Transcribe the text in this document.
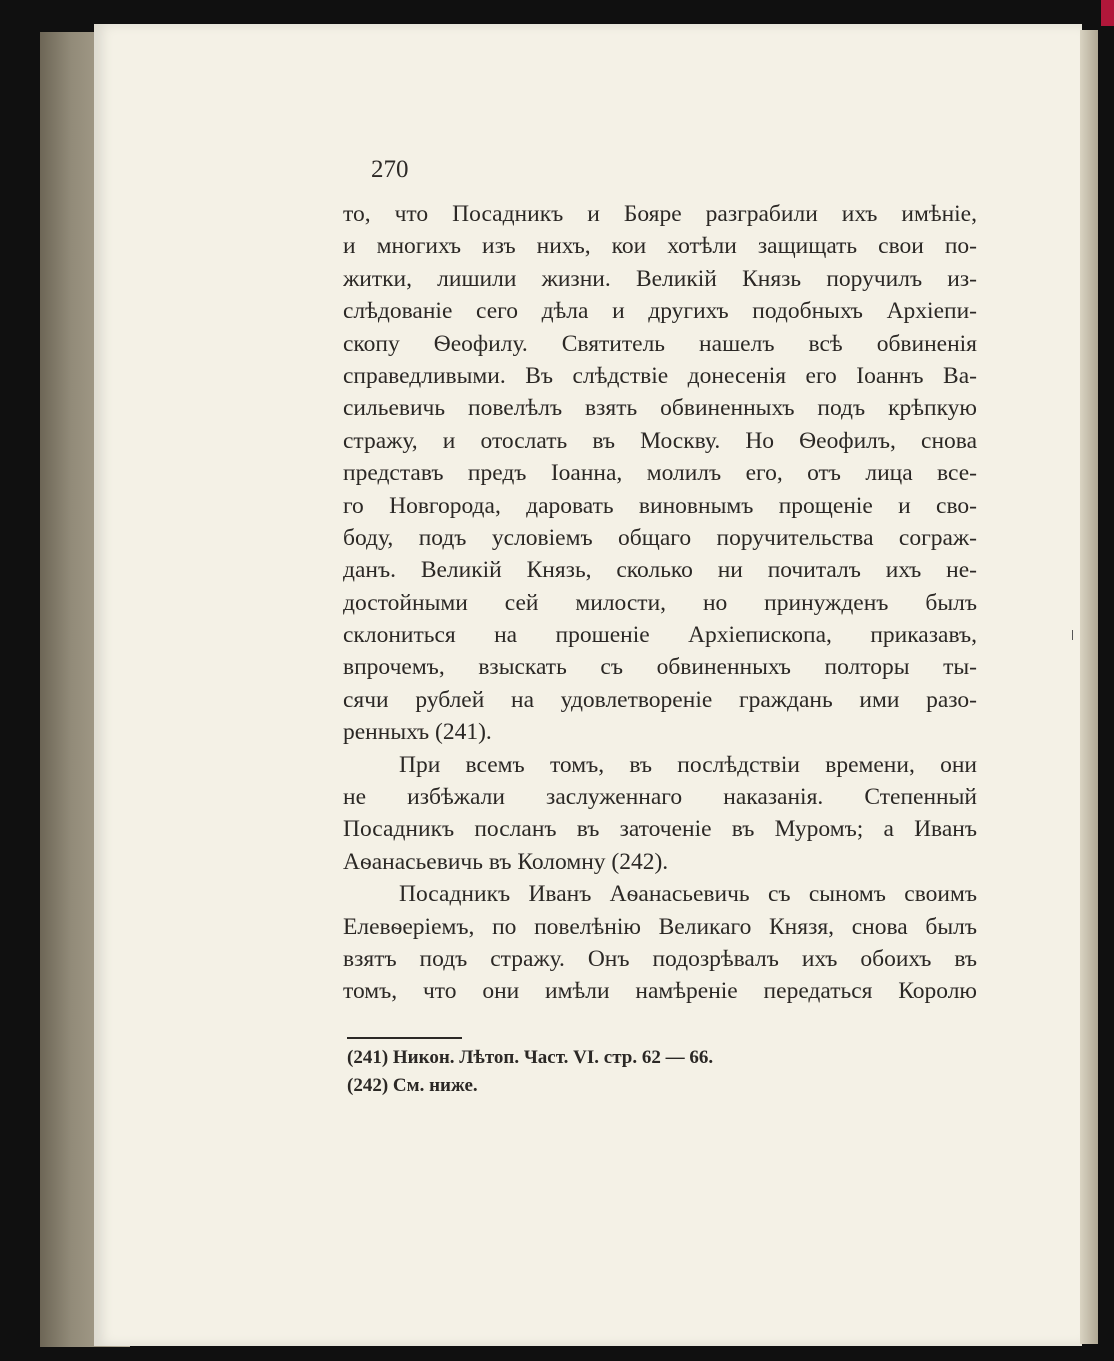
270
то, что Посадникъ и Бояре разграбили ихъ имѣніе,
и многихъ изъ нихъ, кои хотѣли защищать свои по-
житки, лишили жизни. Великій Князь поручилъ из-
слѣдованіе сего дѣла и другихъ подобныхъ Архіепи-
скопу Ѳеофилу. Святитель нашелъ всѣ обвиненія
справедливыми. Въ слѣдствіе донесенія его Іоаннъ Ва-
сильевичь повелѣлъ взять обвиненныхъ подъ крѣпкую
стражу, и отослать въ Москву. Но Ѳеофилъ, снова
представъ предъ Іоанна, молилъ его, отъ лица все-
го Новгорода, даровать виновнымъ прощеніе и сво-
боду, подъ условіемъ общаго поручительства сограж-
данъ. Великій Князь, сколько ни почиталъ ихъ не-
достойными сей милости, но принужденъ былъ
склониться на прошеніе Архіепископа, приказавъ,
впрочемъ, взыскать съ обвиненныхъ полторы ты-
сячи рублей на удовлетвореніе граждань ими разо-
ренныхъ (241).
При всемъ томъ, въ послѣдствіи времени, они
не избѣжали заслуженнаго наказанія. Степенный
Посадникъ посланъ въ заточеніе въ Муромъ; а Иванъ
Аѳанасьевичь въ Коломну (242).
Посадникъ Иванъ Аѳанасьевичь съ сыномъ своимъ
Елевѳеріемъ, по повелѣнію Великаго Князя, снова былъ
взятъ подъ стражу. Онъ подозрѣвалъ ихъ обоихъ въ
томъ, что они имѣли намѣреніе передаться Королю
(241) Никон. Лѣтоп. Част. VI. стр. 62 — 66.
(242) См. ниже.
